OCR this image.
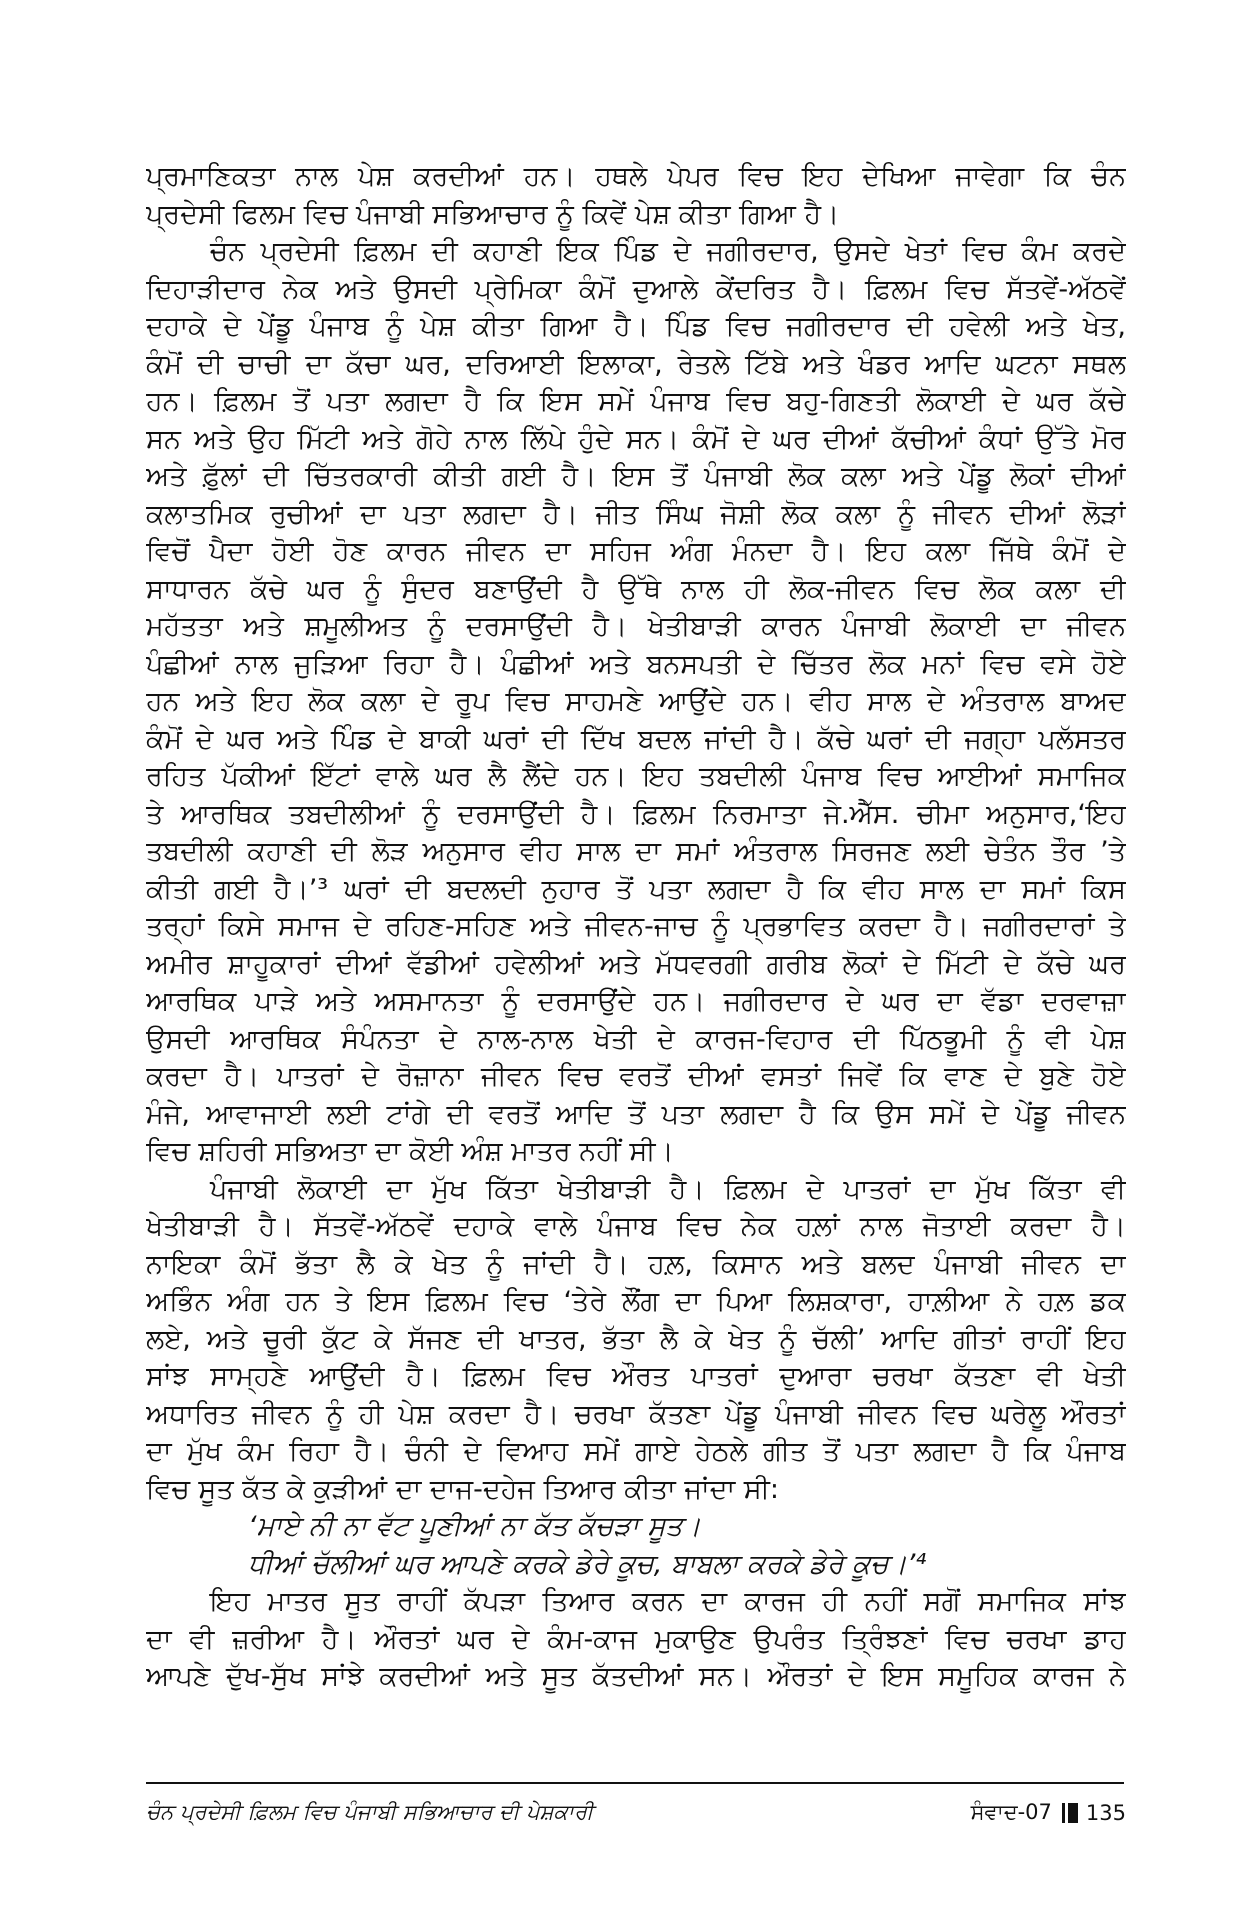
ਪ੍ਰਮਾਣਿਕਤਾ ਨਾਲ ਪੇਸ਼ ਕਰਦੀਆਂ ਹਨ। ਹਥਲੇ ਪੇਪਰ ਵਿਚ ਇਹ ਦੇਖਿਆ ਜਾਵੇਗਾ ਕਿ ਚੰਨ
ਪ੍ਰਦੇਸੀ ਫਿਲਮ ਵਿਚ ਪੰਜਾਬੀ ਸਭਿਆਚਾਰ ਨੂੰ ਕਿਵੇਂ ਪੇਸ਼ ਕੀਤਾ ਗਿਆ ਹੈ।
ਚੰਨ ਪ੍ਰਦੇਸੀ ਫ਼ਿਲਮ ਦੀ ਕਹਾਣੀ ਇਕ ਪਿੰਡ ਦੇ ਜਗੀਰਦਾਰ, ਉਸਦੇ ਖੇਤਾਂ ਵਿਚ ਕੰਮ ਕਰਦੇ
ਦਿਹਾੜੀਦਾਰ ਨੇਕ ਅਤੇ ਉਸਦੀ ਪ੍ਰੇਮਿਕਾ ਕੰਮੋਂ ਦੁਆਲੇ ਕੇਂਦਰਿਤ ਹੈ। ਫ਼ਿਲਮ ਵਿਚ ਸੱਤਵੇਂ-ਅੱਠਵੇਂ
ਦਹਾਕੇ ਦੇ ਪੇਂਡੂ ਪੰਜਾਬ ਨੂੰ ਪੇਸ਼ ਕੀਤਾ ਗਿਆ ਹੈ। ਪਿੰਡ ਵਿਚ ਜਗੀਰਦਾਰ ਦੀ ਹਵੇਲੀ ਅਤੇ ਖੇਤ,
ਕੰਮੋਂ ਦੀ ਚਾਚੀ ਦਾ ਕੱਚਾ ਘਰ, ਦਰਿਆਈ ਇਲਾਕਾ, ਰੇਤਲੇ ਟਿੱਬੇ ਅਤੇ ਖੰਡਰ ਆਦਿ ਘਟਨਾ ਸਥਲ
ਹਨ। ਫ਼ਿਲਮ ਤੋਂ ਪਤਾ ਲਗਦਾ ਹੈ ਕਿ ਇਸ ਸਮੇਂ ਪੰਜਾਬ ਵਿਚ ਬਹੁ-ਗਿਣਤੀ ਲੋਕਾਈ ਦੇ ਘਰ ਕੱਚੇ
ਸਨ ਅਤੇ ਉਹ ਮਿੱਟੀ ਅਤੇ ਗੋਹੇ ਨਾਲ ਲਿੱਪੇ ਹੁੰਦੇ ਸਨ। ਕੰਮੋਂ ਦੇ ਘਰ ਦੀਆਂ ਕੱਚੀਆਂ ਕੰਧਾਂ ਉੱਤੇ ਮੋਰ
ਅਤੇ ਫ਼ੁੱਲਾਂ ਦੀ ਚਿੱਤਰਕਾਰੀ ਕੀਤੀ ਗਈ ਹੈ। ਇਸ ਤੋਂ ਪੰਜਾਬੀ ਲੋਕ ਕਲਾ ਅਤੇ ਪੇਂਡੂ ਲੋਕਾਂ ਦੀਆਂ
ਕਲਾਤਮਿਕ ਰੁਚੀਆਂ ਦਾ ਪਤਾ ਲਗਦਾ ਹੈ। ਜੀਤ ਸਿੰਘ ਜੋਸ਼ੀ ਲੋਕ ਕਲਾ ਨੂੰ ਜੀਵਨ ਦੀਆਂ ਲੋੜਾਂ
ਵਿਚੋਂ ਪੈਦਾ ਹੋਈ ਹੋਣ ਕਾਰਨ ਜੀਵਨ ਦਾ ਸਹਿਜ ਅੰਗ ਮੰਨਦਾ ਹੈ। ਇਹ ਕਲਾ ਜਿੱਥੇ ਕੰਮੋਂ ਦੇ
ਸਾਧਾਰਨ ਕੱਚੇ ਘਰ ਨੂੰ ਸੁੰਦਰ ਬਣਾਉਂਦੀ ਹੈ ਉੱਥੇ ਨਾਲ ਹੀ ਲੋਕ-ਜੀਵਨ ਵਿਚ ਲੋਕ ਕਲਾ ਦੀ
ਮਹੱਤਤਾ ਅਤੇ ਸ਼ਮੂਲੀਅਤ ਨੂੰ ਦਰਸਾਉਂਦੀ ਹੈ। ਖੇਤੀਬਾੜੀ ਕਾਰਨ ਪੰਜਾਬੀ ਲੋਕਾਈ ਦਾ ਜੀਵਨ
ਪੰਛੀਆਂ ਨਾਲ ਜੁੜਿਆ ਰਿਹਾ ਹੈ। ਪੰਛੀਆਂ ਅਤੇ ਬਨਸਪਤੀ ਦੇ ਚਿੱਤਰ ਲੋਕ ਮਨਾਂ ਵਿਚ ਵਸੇ ਹੋਏ
ਹਨ ਅਤੇ ਇਹ ਲੋਕ ਕਲਾ ਦੇ ਰੂਪ ਵਿਚ ਸਾਹਮਣੇ ਆਉਂਦੇ ਹਨ। ਵੀਹ ਸਾਲ ਦੇ ਅੰਤਰਾਲ ਬਾਅਦ
ਕੰਮੋਂ ਦੇ ਘਰ ਅਤੇ ਪਿੰਡ ਦੇ ਬਾਕੀ ਘਰਾਂ ਦੀ ਦਿੱਖ ਬਦਲ ਜਾਂਦੀ ਹੈ। ਕੱਚੇ ਘਰਾਂ ਦੀ ਜਗ੍ਹਾ ਪਲੱਸਤਰ
ਰਹਿਤ ਪੱਕੀਆਂ ਇੱਟਾਂ ਵਾਲੇ ਘਰ ਲੈ ਲੈਂਦੇ ਹਨ। ਇਹ ਤਬਦੀਲੀ ਪੰਜਾਬ ਵਿਚ ਆਈਆਂ ਸਮਾਜਿਕ
ਤੇ ਆਰਥਿਕ ਤਬਦੀਲੀਆਂ ਨੂੰ ਦਰਸਾਉਂਦੀ ਹੈ। ਫ਼ਿਲਮ ਨਿਰਮਾਤਾ ਜੇ.ਐੱਸ. ਚੀਮਾ ਅਨੁਸਾਰ,‘ਇਹ
ਤਬਦੀਲੀ ਕਹਾਣੀ ਦੀ ਲੋੜ ਅਨੁਸਾਰ ਵੀਹ ਸਾਲ ਦਾ ਸਮਾਂ ਅੰਤਰਾਲ ਸਿਰਜਣ ਲਈ ਚੇਤੰਨ ਤੌਰ ’ਤੇ
ਕੀਤੀ ਗਈ ਹੈ।’³ ਘਰਾਂ ਦੀ ਬਦਲਦੀ ਨੁਹਾਰ ਤੋਂ ਪਤਾ ਲਗਦਾ ਹੈ ਕਿ ਵੀਹ ਸਾਲ ਦਾ ਸਮਾਂ ਕਿਸ
ਤਰ੍ਹਾਂ ਕਿਸੇ ਸਮਾਜ ਦੇ ਰਹਿਣ-ਸਹਿਣ ਅਤੇ ਜੀਵਨ-ਜਾਚ ਨੂੰ ਪ੍ਰਭਾਵਿਤ ਕਰਦਾ ਹੈ। ਜਗੀਰਦਾਰਾਂ ਤੇ
ਅਮੀਰ ਸ਼ਾਹੂਕਾਰਾਂ ਦੀਆਂ ਵੱਡੀਆਂ ਹਵੇਲੀਆਂ ਅਤੇ ਮੱਧਵਰਗੀ ਗਰੀਬ ਲੋਕਾਂ ਦੇ ਮਿੱਟੀ ਦੇ ਕੱਚੇ ਘਰ
ਆਰਥਿਕ ਪਾੜੇ ਅਤੇ ਅਸਮਾਨਤਾ ਨੂੰ ਦਰਸਾਉਂਦੇ ਹਨ। ਜਗੀਰਦਾਰ ਦੇ ਘਰ ਦਾ ਵੱਡਾ ਦਰਵਾਜ਼ਾ
ਉਸਦੀ ਆਰਥਿਕ ਸੰਪੰਨਤਾ ਦੇ ਨਾਲ-ਨਾਲ ਖੇਤੀ ਦੇ ਕਾਰਜ-ਵਿਹਾਰ ਦੀ ਪਿੱਠਭੂਮੀ ਨੂੰ ਵੀ ਪੇਸ਼
ਕਰਦਾ ਹੈ। ਪਾਤਰਾਂ ਦੇ ਰੋਜ਼ਾਨਾ ਜੀਵਨ ਵਿਚ ਵਰਤੋਂ ਦੀਆਂ ਵਸਤਾਂ ਜਿਵੇਂ ਕਿ ਵਾਣ ਦੇ ਬੁਣੇ ਹੋਏ
ਮੰਜੇ, ਆਵਾਜਾਈ ਲਈ ਟਾਂਗੇ ਦੀ ਵਰਤੋਂ ਆਦਿ ਤੋਂ ਪਤਾ ਲਗਦਾ ਹੈ ਕਿ ਉਸ ਸਮੇਂ ਦੇ ਪੇਂਡੂ ਜੀਵਨ
ਵਿਚ ਸ਼ਹਿਰੀ ਸਭਿਅਤਾ ਦਾ ਕੋਈ ਅੰਸ਼ ਮਾਤਰ ਨਹੀਂ ਸੀ।
ਪੰਜਾਬੀ ਲੋਕਾਈ ਦਾ ਮੁੱਖ ਕਿੱਤਾ ਖੇਤੀਬਾੜੀ ਹੈ। ਫ਼ਿਲਮ ਦੇ ਪਾਤਰਾਂ ਦਾ ਮੁੱਖ ਕਿੱਤਾ ਵੀ
ਖੇਤੀਬਾੜੀ ਹੈ। ਸੱਤਵੇਂ-ਅੱਠਵੇਂ ਦਹਾਕੇ ਵਾਲੇ ਪੰਜਾਬ ਵਿਚ ਨੇਕ ਹਲ਼ਾਂ ਨਾਲ ਜੋਤਾਈ ਕਰਦਾ ਹੈ।
ਨਾਇਕਾ ਕੰਮੋਂ ਭੱਤਾ ਲੈ ਕੇ ਖੇਤ ਨੂੰ ਜਾਂਦੀ ਹੈ। ਹਲ਼, ਕਿਸਾਨ ਅਤੇ ਬਲਦ ਪੰਜਾਬੀ ਜੀਵਨ ਦਾ
ਅਭਿੰਨ ਅੰਗ ਹਨ ਤੇ ਇਸ ਫ਼ਿਲਮ ਵਿਚ ‘ਤੇਰੇ ਲੌਂਗ ਦਾ ਪਿਆ ਲਿਸ਼ਕਾਰਾ, ਹਾਲ਼ੀਆ ਨੇ ਹਲ਼ ਡਕ
ਲਏ, ਅਤੇ ਚੂਰੀ ਕੁੱਟ ਕੇ ਸੱਜਣ ਦੀ ਖਾਤਰ, ਭੱਤਾ ਲੈ ਕੇ ਖੇਤ ਨੂੰ ਚੱਲੀ’ ਆਦਿ ਗੀਤਾਂ ਰਾਹੀਂ ਇਹ
ਸਾਂਝ ਸਾਮ੍ਹਣੇ ਆਉਂਦੀ ਹੈ। ਫ਼ਿਲਮ ਵਿਚ ਔਰਤ ਪਾਤਰਾਂ ਦੁਆਰਾ ਚਰਖਾ ਕੱਤਣਾ ਵੀ ਖੇਤੀ
ਅਧਾਰਿਤ ਜੀਵਨ ਨੂੰ ਹੀ ਪੇਸ਼ ਕਰਦਾ ਹੈ। ਚਰਖਾ ਕੱਤਣਾ ਪੇਂਡੂ ਪੰਜਾਬੀ ਜੀਵਨ ਵਿਚ ਘਰੇਲੂ ਔਰਤਾਂ
ਦਾ ਮੁੱਖ ਕੰਮ ਰਿਹਾ ਹੈ। ਚੰਨੀ ਦੇ ਵਿਆਹ ਸਮੇਂ ਗਾਏ ਹੇਠਲੇ ਗੀਤ ਤੋਂ ਪਤਾ ਲਗਦਾ ਹੈ ਕਿ ਪੰਜਾਬ
ਵਿਚ ਸੂਤ ਕੱਤ ਕੇ ਕੁੜੀਆਂ ਦਾ ਦਾਜ-ਦਹੇਜ ਤਿਆਰ ਕੀਤਾ ਜਾਂਦਾ ਸੀ:
‘ਮਾਏ ਨੀ ਨਾ ਵੱਟ ਪੂਣੀਆਂ ਨਾ ਕੱਤ ਕੱਚੜਾ ਸੂਤ।
ਧੀਆਂ ਚੱਲੀਆਂ ਘਰ ਆਪਣੇ ਕਰਕੇ ਡੇਰੇ ਕੂਚ, ਬਾਬਲਾ ਕਰਕੇ ਡੇਰੇ ਕੂਚ।’⁴
ਇਹ ਮਾਤਰ ਸੂਤ ਰਾਹੀਂ ਕੱਪੜਾ ਤਿਆਰ ਕਰਨ ਦਾ ਕਾਰਜ ਹੀ ਨਹੀਂ ਸਗੋਂ ਸਮਾਜਿਕ ਸਾਂਝ
ਦਾ ਵੀ ਜ਼ਰੀਆ ਹੈ। ਔਰਤਾਂ ਘਰ ਦੇ ਕੰਮ-ਕਾਜ ਮੁਕਾਉਣ ਉਪਰੰਤ ਤ੍ਰਿੰਝਣਾਂ ਵਿਚ ਚਰਖਾ ਡਾਹ
ਆਪਣੇ ਦੁੱਖ-ਸੁੱਖ ਸਾਂਝੇ ਕਰਦੀਆਂ ਅਤੇ ਸੂਤ ਕੱਤਦੀਆਂ ਸਨ। ਔਰਤਾਂ ਦੇ ਇਸ ਸਮੂਹਿਕ ਕਾਰਜ ਨੇ
ਚੰਨ ਪ੍ਰਦੇਸੀ ਫ਼ਿਲਮ ਵਿਚ ਪੰਜਾਬੀ ਸਭਿਆਚਾਰ ਦੀ ਪੇਸ਼ਕਾਰੀ	ਸੰਵਾਦ-07 135
